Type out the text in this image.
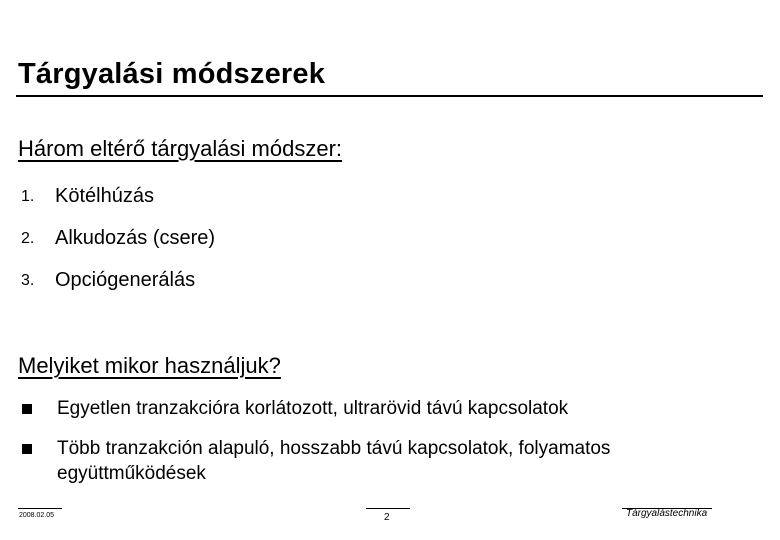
Tárgyalási módszerek
Három eltérő tárgyalási módszer:
1. Kötélhúzás
2. Alkudozás (csere)
3. Opciógenerálás
Melyiket mikor használjuk?
Egyetlen tranzakcióra korlátozott, ultrarövid távú kapcsolatok
Több tranzakción alapuló, hosszabb távú kapcsolatok, folyamatos együttműködések
2008.02.05	2	Tárgyalástechnika
